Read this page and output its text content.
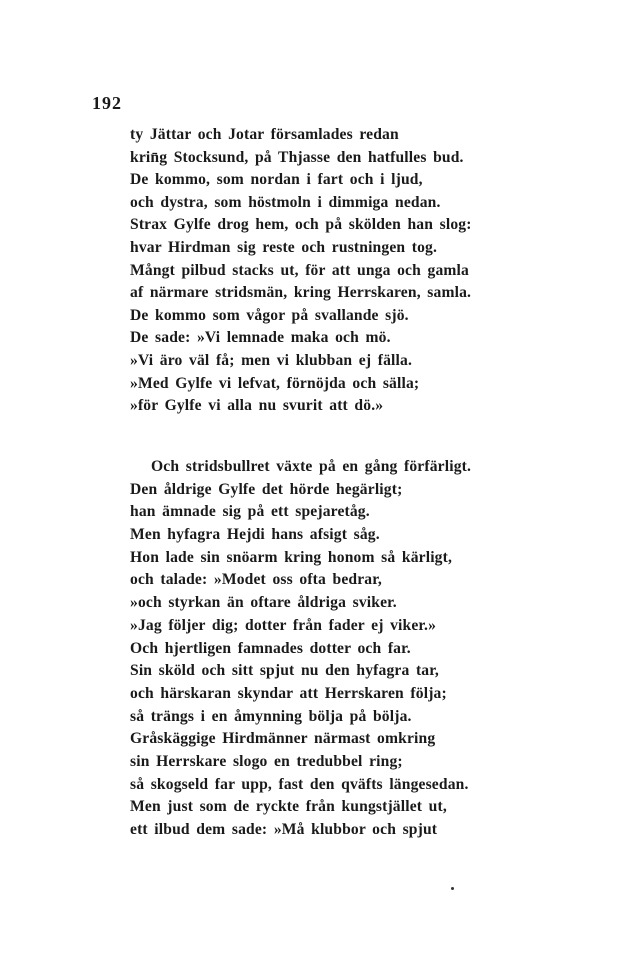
192
ty Jättar och Jotar församlades redan
krin̄g Stocksund, på Thjasse den hatfulles bud.
De kommo, som nordan i fart och i ljud,
och dystra, som höstmoln i dimmiga nedan.
Strax Gylfe drog hem, och på skölden han slog:
hvar Hirdman sig reste och rustningen tog.
Mångt pilbud stacks ut, för att unga och gamla
af närmare stridsmän, kring Herrskaren, samla.
De kommo som vågor på svallande sjö.
De sade: »Vi lemnade maka och mö.
»Vi äro väl få; men vi klubban ej fälla.
»Med Gylfe vi lefvat, förnöjda och sälla;
»för Gylfe vi alla nu svurit att dö.»
Och stridsbullret växte på en gång förfärligt.
Den åldrige Gylfe det hörde hegärligt;
han ämnade sig på ett spejaretåg.
Men hyfagra Hejdi hans afsigt såg.
Hon lade sin snöarm kring honom så kärligt,
och talade: »Modet oss ofta bedrar,
»och styrkan än oftare åldriga sviker.
»Jag följer dig; dotter från fader ej viker.»
Och hjertligen famnades dotter och far.
Sin sköld och sitt spjut nu den hyfagra tar,
och härskaran skyndar att Herrskaren följa;
så trängs i en åmynning bölja på bölja.
Gråskäggige Hirdmänner närmast omkring
sin Herrskare slogo en tredubbel ring;
så skogseld far upp, fast den qväfts längesedan.
Men just som de ryckte från kungstjället ut,
ett ilbud dem sade: »Må klubbor och spjut
